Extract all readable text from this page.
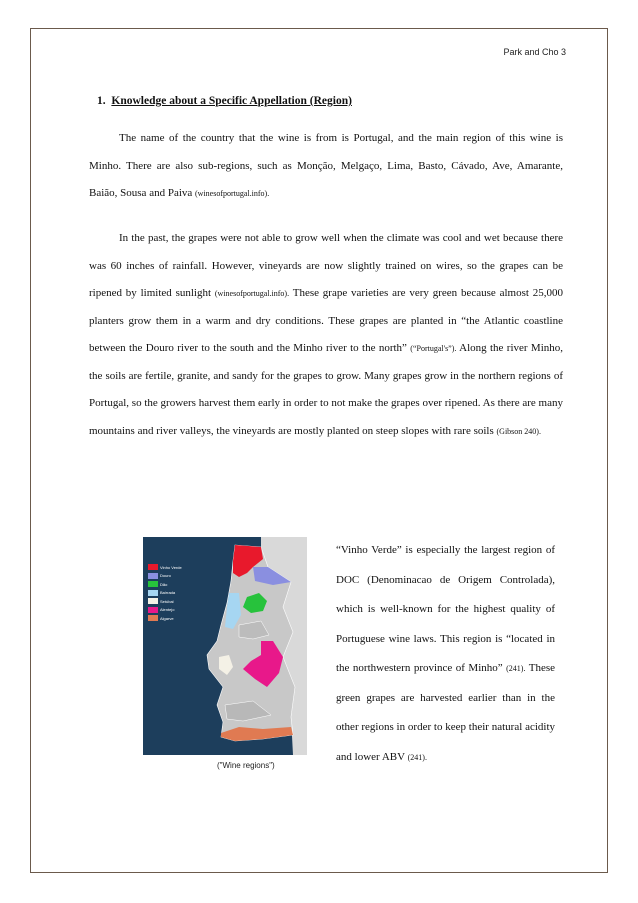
Park and Cho 3
1. Knowledge about a Specific Appellation (Region)
The name of the country that the wine is from is Portugal, and the main region of this wine is Minho. There are also sub-regions, such as Monção, Melgaço, Lima, Basto, Cávado, Ave, Amarante, Baião, Sousa and Paiva (winesofportugal.info).
In the past, the grapes were not able to grow well when the climate was cool and wet because there was 60 inches of rainfall. However, vineyards are now slightly trained on wires, so the grapes can be ripened by limited sunlight (winesofportugal.info). These grape varieties are very green because almost 25,000 planters grow them in a warm and dry conditions. These grapes are planted in “the Atlantic coastline between the Douro river to the south and the Minho river to the north” (“Portugal's”). Along the river Minho, the soils are fertile, granite, and sandy for the grapes to grow. Many grapes grow in the northern regions of Portugal, so the growers harvest them early in order to not make the grapes over ripened. As there are many mountains and river valleys, the vineyards are mostly planted on steep slopes with rare soils (Gibson 240).
Vinho Verde
Douro
Dão
Bairrada
Setúbal
Alentejo
Algarve
("Wine regions")
“Vinho Verde” is especially the largest region of DOC (Denominacao de Origem Controlada), which is well-known for the highest quality of Portuguese wine laws. This region is “located in the northwestern province of Minho” (241). These green grapes are harvested earlier than in the other regions in order to keep their natural acidity and lower ABV (241).
